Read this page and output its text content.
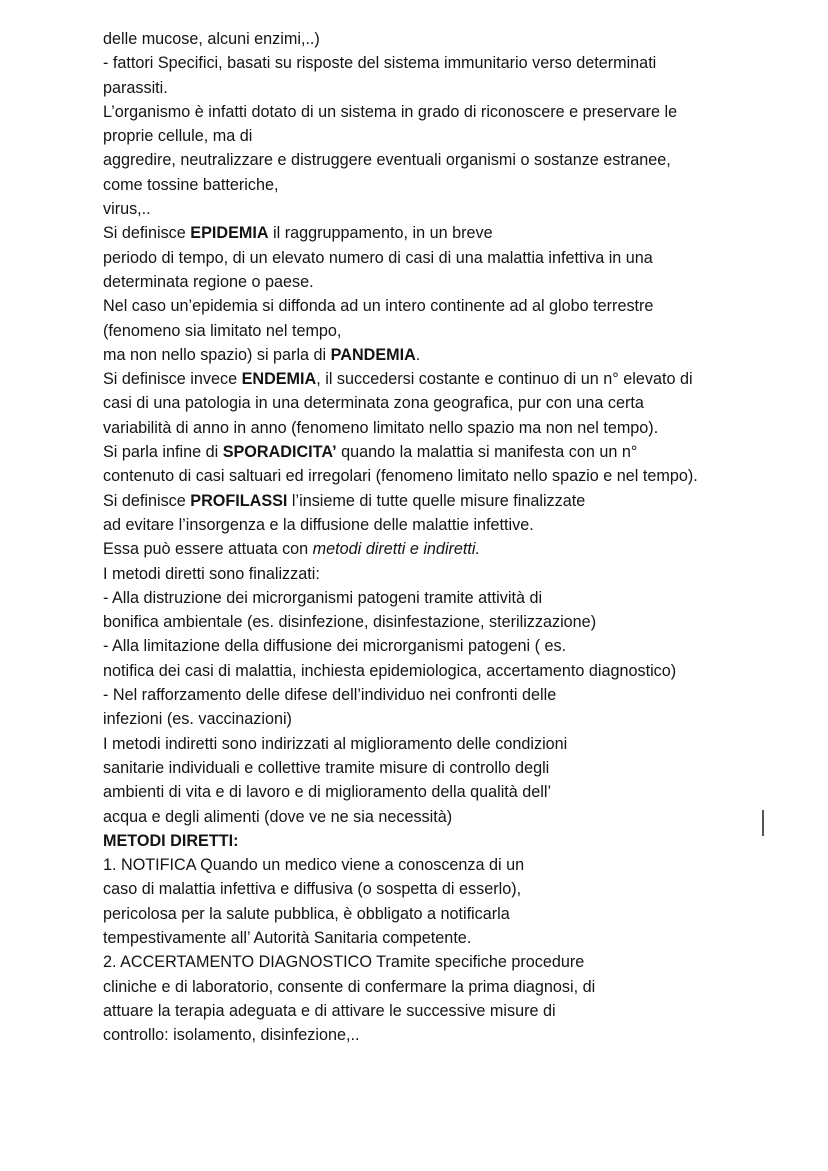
delle mucose, alcuni enzimi,..)
- fattori Specifici, basati su risposte del sistema immunitario verso determinati
parassiti.
L’organismo è infatti dotato di un sistema in grado di riconoscere e preservare le
proprie cellule, ma di
aggredire, neutralizzare e distruggere eventuali organismi o sostanze estranee,
come tossine batteriche,
virus,..
Si definisce EPIDEMIA il raggruppamento, in un breve
periodo di tempo, di un elevato numero di casi di una malattia infettiva in una
determinata regione o paese.
Nel caso un’epidemia si diffonda ad un intero continente ad al globo terrestre
(fenomeno sia limitato nel tempo,
ma non nello spazio) si parla di PANDEMIA.
Si definisce invece ENDEMIA, il succedersi costante e continuo di un n° elevato di
casi di una patologia in una determinata zona geografica, pur con una certa
variabilità di anno in anno (fenomeno limitato nello spazio ma non nel tempo).
Si parla infine di SPORADICITA’ quando la malattia si manifesta con un n°
contenuto di casi saltuari ed irregolari (fenomeno limitato nello spazio e nel tempo).
Si definisce PROFILASSI l’insieme di tutte quelle misure finalizzate
ad evitare l’insorgenza e la diffusione delle malattie infettive.
Essa può essere attuata con metodi diretti e indiretti.
I metodi diretti sono finalizzati:
- Alla distruzione dei microrganismi patogeni tramite attività di
bonifica ambientale (es. disinfezione, disinfestazione, sterilizzazione)
- Alla limitazione della diffusione dei microrganismi patogeni ( es.
notifica dei casi di malattia, inchiesta epidemiologica, accertamento diagnostico)
- Nel rafforzamento delle difese dell’individuo nei confronti delle
infezioni (es. vaccinazioni)
I metodi indiretti sono indirizzati al miglioramento delle condizioni
sanitarie individuali e collettive tramite misure di controllo degli
ambienti di vita e di lavoro e di miglioramento della qualità dell’
acqua e degli alimenti (dove ve ne sia necessità)
METODI DIRETTI:
1. NOTIFICA Quando un medico viene a conoscenza di un
caso di malattia infettiva e diffusiva (o sospetta di esserlo),
pericolosa per la salute pubblica, è obbligato a notificarla
tempestivamente all’ Autorità Sanitaria competente.
2. ACCERTAMENTO DIAGNOSTICO Tramite specifiche procedure
cliniche e di laboratorio, consente di confermare la prima diagnosi, di
attuare la terapia adeguata e di attivare le successive misure di
controllo: isolamento, disinfezione,..
